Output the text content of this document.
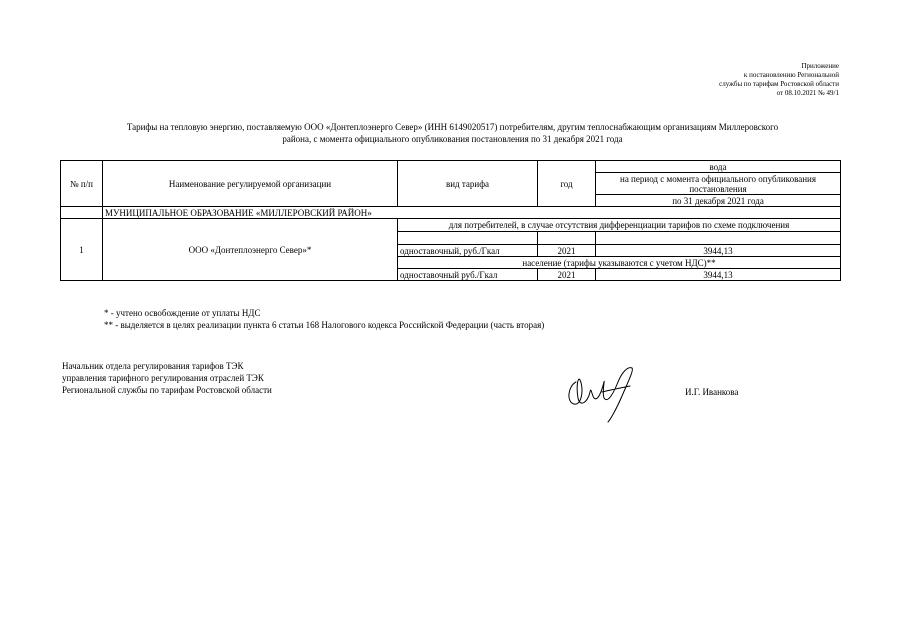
Приложение
к постановлению Региональной
службы по тарифам Ростовской области
от 08.10.2021 № 49/1
Тарифы на тепловую энергию, поставляемую ООО «Донтеплоэнерго Север» (ИНН 6149020517) потребителям, другим теплоснабжающим организациям Миллеровского
района, с момента официального опубликования постановления по 31 декабря 2021 года
№ п/п	Наименование регулируемой организации	вид тарифа	год	вода
				на период с момента официального опубликования постановления

				по 31 декабря 2021 года
	МУНИЦИПАЛЬНОЕ ОБРАЗОВАНИЕ «МИЛЛЕРОВСКИЙ РАЙОН»			
1	ООО «Донтеплоэнерго Север»*	для потребителей, в случае отсутствия дифференциации тарифов по схеме подключения		

		одноставочный, руб./Гкал	2021	3944,13
		население (тарифы указываются с учетом НДС)**		
		одноставочный руб./Гкал	2021	3944,13
* - учтено освобождение от уплаты НДС
** - выделяется в целях реализации пункта 6 статьи 168 Налогового кодекса Российской Федерации (часть вторая)
Начальник отдела регулирования тарифов ТЭК
управления тарифного регулирования отраслей ТЭК
Региональной службы по тарифам Ростовской области	И.Г. Иванкова
